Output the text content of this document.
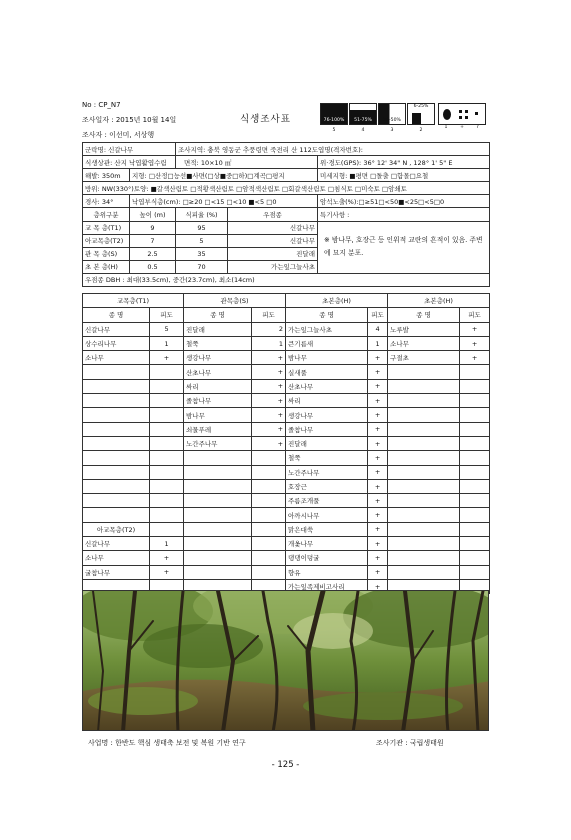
No : CP_N7
조사일자 : 2015년 10월 14일	식생조사표
조사자 : 이선미, 서상행
76-100%
5
51-75%
4
26-50%
3
6-25%
2
1	+	r
군락명: 신갈나무		조사지역: 충북 영동군 추풍령면 죽전리 산 112도엽명(격자번호):		
식생상관: 산지 낙엽활엽수림		면적: 10×10 ㎡		위·경도(GPS): 36° 12' 34" N , 128° 1' 5" E
해발: 350m	지형: □산정□능선■사면(□상■중□하)□계곡□평지			미세지형: ■평면 □돌출 □함몰□요철
방위: NW(330°)토양: ■갈색산림토 □적황색산림토 □암적색산림토 □회갈색산림토 □침식토 □미숙토 □암쇄토				
경사: 34°	낙엽부식층(cm): □≥20 □<15 □<10 ■<5 □0			암석노출(%):□≥51□<50■<25□<5□0
층위구분	높이 (m)	식피율 (%)	우점종	특기사항 :
교 목 층(T1)	9	95	신갈나무	※ 밤나무, 호장근 등 인위적 교란의 흔적이 있음. 주변에 묘지 분포.
아교목층(T2)	7	5	신갈나무	
관 목 층(S)	2.5	35	진달래	
초 본 층(H)	0.5	70	가는잎그늘사초	
우점종 DBH : 최대(33.5cm), 중간(23.7cm), 최소(14cm)				
교목층(T1)		관목층(S)		초본층(H)		초본층(H)	
종 명	피도	종 명	피도	종 명	피도	종 명	피도
신갈나무	5	진달래	2	가는잎그늘사초	4	노루발	+
상수리나무	1	철쭉	1	큰기름새	1	소나무	+
소나무	+	생강나무	+	밤나무	+	구절초	+
		산초나무	+	실새풀	+		
		싸리	+	산초나무	+		
		졸참나무	+	싸리	+		
		밤나무	+	생강나무	+		
		쇠물푸레	+	졸참나무	+		
		노간주나무	+	진달래	+		
				철쭉	+		
				노간주나무	+		
				호장근	+		
				주름조개풀	+		
				아까시나무	+		
아교목층(T2)				맑은대쑥	+		
신갈나무	1			개옻나무	+		
소나무	+			댕댕이덩굴	+		
굴참나무	+			향유	+		
				가는잎족제비고사리	+		
사업명 : 한반도 핵심 생태축 보전 및 복원 기반 연구	조사기관 : 국립생태원
- 125 -
